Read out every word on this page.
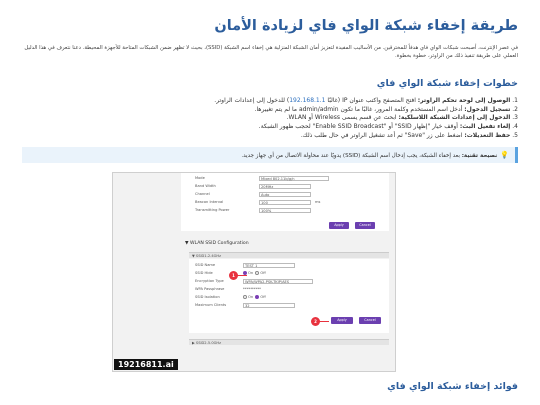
طريقة إخفاء شبكة الواي فاي لزيادة الأمان

في عصر الإنترنت، أصبحت شبكات الواي فاي هدفاً للمخترقين. من الأساليب المفيدة لتعزيز أمان الشبكة المنزلية هي إخفاء اسم الشبكة (SSID)، بحيث لا تظهر ضمن الشبكات المتاحة للأجهزة المحيطة. دعنا نتعرف في هذا الدليل العملي على طريقة تنفيذ ذلك من الراوتر، خطوة بخطوة.

خطوات إخفاء شبكة الواي فاي
1. الوصول إلى لوحة تحكم الراوتر: افتح المتصفح واكتب عنوان IP (غالبًا 192.168.1.1) للدخول إلى إعدادات الراوتر.
2. تسجيل الدخول: أدخل اسم المستخدم وكلمة المرور، غالبًا ما تكون admin/admin ما لم يتم تغييرها.
3. الدخول إلى إعدادات الشبكة اللاسلكية: ابحث عن قسم يسمى Wireless أو WLAN.
4. إلغاء تفعيل البث: أوقف خيار "إظهار SSID" أو "Enable SSID Broadcast" لحجب ظهور الشبكة.
5. حفظ التعديلات: اضغط على زر "Save" ثم أعد تشغيل الراوتر في حال طلب ذلك.
💡نصيحة تقنية: بعد إخفاء الشبكة، يجب إدخال اسم الشبكة (SSID) يدويًا عند محاولة الاتصال من أي جهاز جديد.
Mode	Mixed 802.11b/g/n
Band Width	20MHz
Channel	Auto
Beacon Interval	100	ms
Transmitting Power	100%
Apply	Cancel
▼ WLAN SSID Configuration
▼ SSID1-2.4GHz
SSID Name	TEST 1
SSID Hide	On Off
Encryption Type	WPA/WPA2-PSK-TKIP/AES
WPA Passphrase	**********
SSID Isolation	On Off
Maximum Clients	32
Apply	Cancel
▶ SSID2-5.0GHz
1
2
19216811.ai
فوائد إخفاء شبكة الواي فاي
